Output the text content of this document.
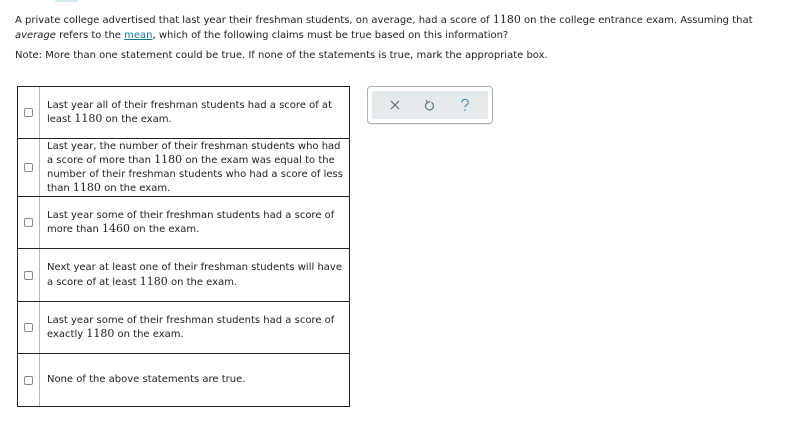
A private college advertised that last year their freshman students, on average, had a score of 1180 on the college entrance exam. Assuming that average refers to the mean, which of the following claims must be true based on this information?
Note: More than one statement could be true. If none of the statements is true, mark the appropriate box.
Last year all of their freshman students had a score of at least 1180 on the exam.
Last year, the number of their freshman students who had a score of more than 1180 on the exam was equal to the number of their freshman students who had a score of less than 1180 on the exam.
Last year some of their freshman students had a score of more than 1460 on the exam.
Next year at least one of their freshman students will have a score of at least 1180 on the exam.
Last year some of their freshman students had a score of exactly 1180 on the exam.
None of the above statements are true.
